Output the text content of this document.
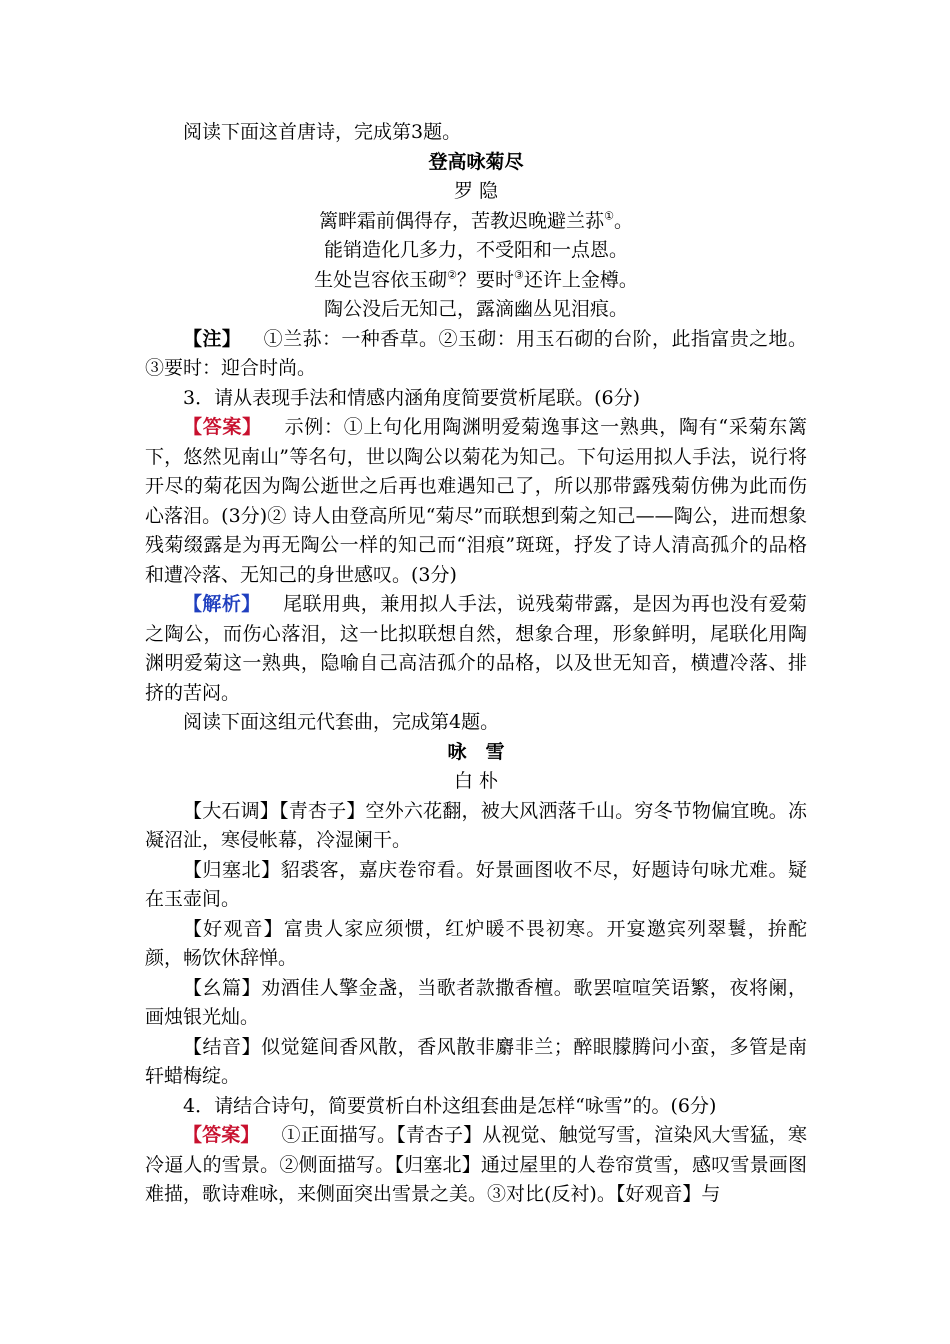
阅读下面这首唐诗，完成第3题。

登高咏菊尽

罗 隐

篱畔霜前偶得存，苦教迟晚避兰荪①。

能销造化几多力，不受阳和一点恩。

生处岂容依玉砌②？要时③还许上金樽。

陶公没后无知己，露滴幽丛见泪痕。

【注】 ①兰荪：一种香草。②玉砌：用玉石砌的台阶，此指富贵之地。③要时：迎合时尚。

3．请从表现手法和情感内涵角度简要赏析尾联。(6分)

【答案】 示例：①上句化用陶渊明爱菊逸事这一熟典，陶有“采菊东篱下，悠然见南山”等名句，世以陶公以菊花为知己。下句运用拟人手法，说行将开尽的菊花因为陶公逝世之后再也难遇知己了，所以那带露残菊仿佛为此而伤心落泪。(3分)② 诗人由登高所见“菊尽”而联想到菊之知己——陶公，进而想象残菊缀露是为再无陶公一样的知己而“泪痕”斑斑，抒发了诗人清高孤介的品格和遭冷落、无知己的身世感叹。(3分)

【解析】 尾联用典，兼用拟人手法，说残菊带露，是因为再也没有爱菊之陶公，而伤心落泪，这一比拟联想自然，想象合理，形象鲜明，尾联化用陶渊明爱菊这一熟典，隐喻自己高洁孤介的品格，以及世无知音，横遭冷落、排挤的苦闷。

阅读下面这组元代套曲，完成第4题。

咏　雪

白 朴

【大石调】【青杏子】空外六花翻，被大风洒落千山。穷冬节物偏宜晚。冻凝沼沚，寒侵帐幕，冷湿阑干。

【归塞北】貂裘客，嘉庆卷帘看。好景画图收不尽，好题诗句咏尤难。疑在玉壶间。

【好观音】富贵人家应须惯，红炉暖不畏初寒。开宴邀宾列翠鬟，拚酡颜，畅饮休辞惮。

【幺篇】劝酒佳人擎金盏，当歌者款撒香檀。歌罢喧喧笑语繁，夜将阑，画烛银光灿。

【结音】似觉筵间香风散，香风散非麝非兰；醉眼朦腾问小蛮，多管是南轩蜡梅绽。

4．请结合诗句，简要赏析白朴这组套曲是怎样“咏雪”的。(6分)

【答案】 ①正面描写。【青杏子】从视觉、触觉写雪，渲染风大雪猛，寒冷逼人的雪景。②侧面描写。【归塞北】通过屋里的人卷帘赏雪，感叹雪景画图难描，歌诗难咏，来侧面突出雪景之美。③对比(反衬)。【好观音】与
